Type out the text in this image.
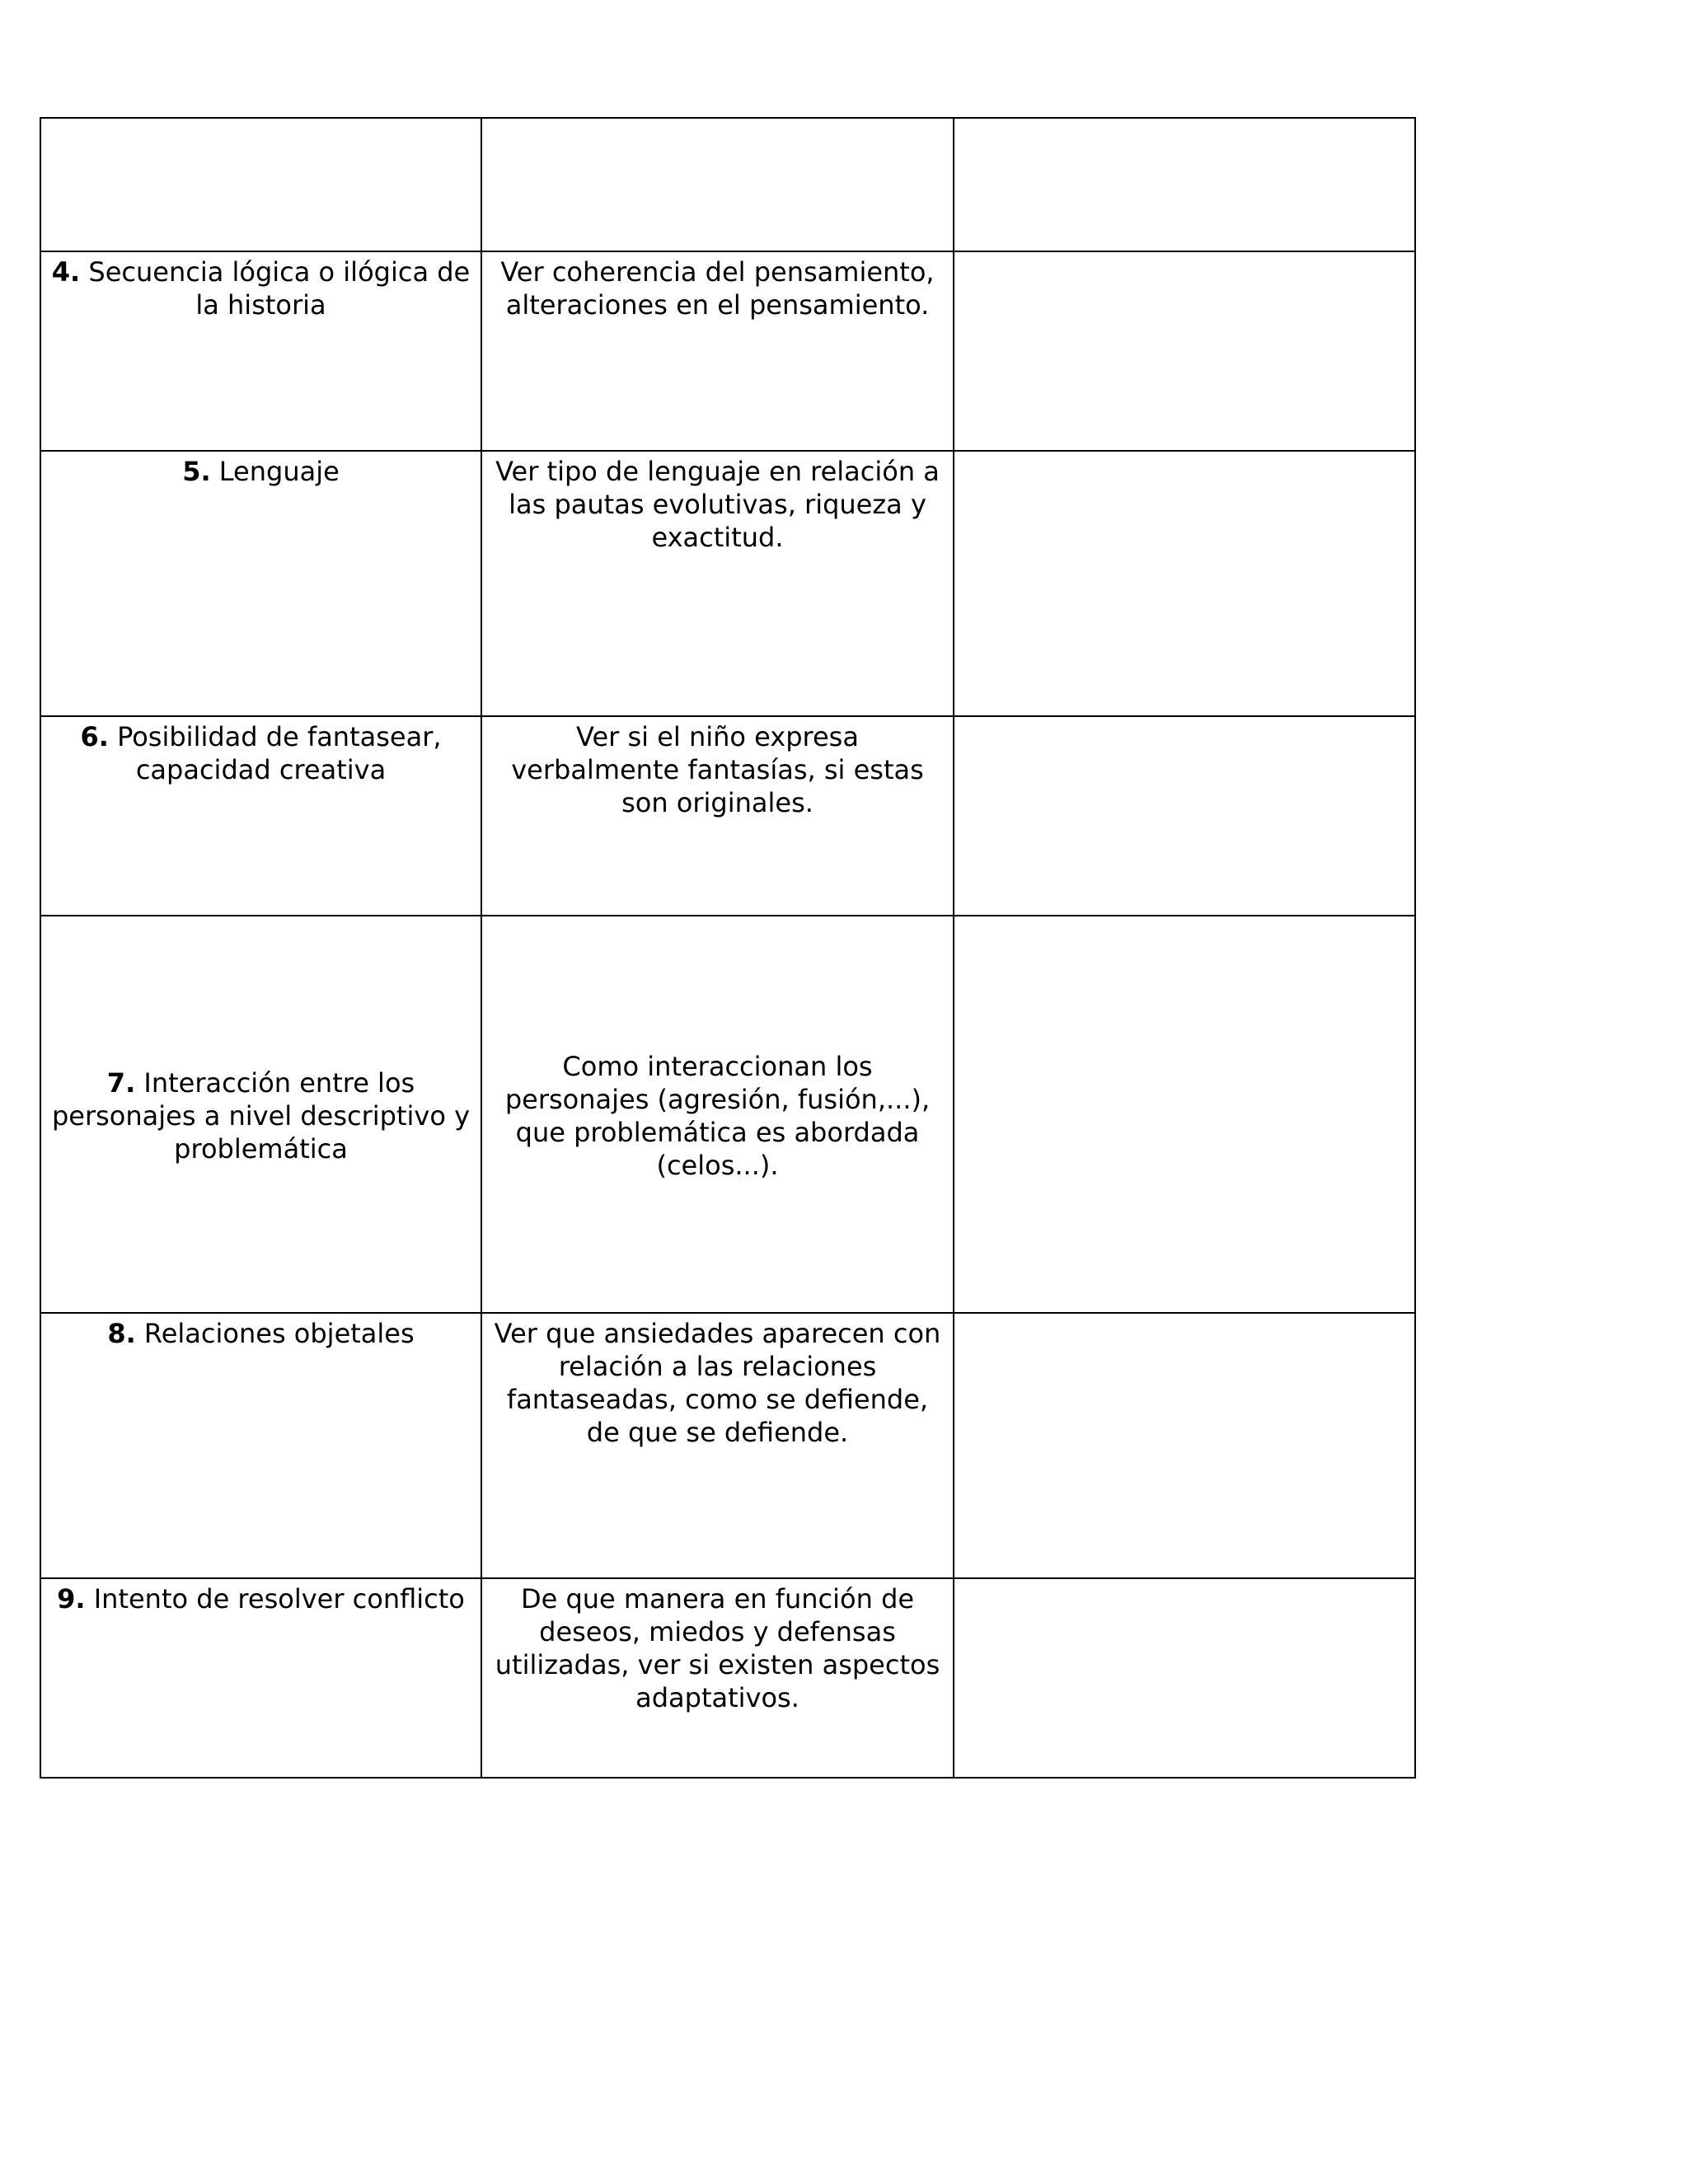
4. Secuencia lógica o ilógica de la historia	Ver coherencia del pensamiento, alteraciones en el pensamiento.	
5. Lenguaje	Ver tipo de lenguaje en relación a las pautas evolutivas, riqueza y exactitud.	
6. Posibilidad de fantasear, capacidad creativa	Ver si el niño expresa verbalmente fantasías, si estas son originales.	
7. Interacción entre los personajes a nivel descriptivo y problemática	Como interaccionan los personajes (agresión, fusión,...), que problemática es abordada (celos...).	
8. Relaciones objetales	Ver que ansiedades aparecen con relación a las relaciones fantaseadas, como se defiende, de que se defiende.	
9. Intento de resolver conflicto	De que manera en función de deseos, miedos y defensas utilizadas, ver si existen aspectos adaptativos.	
